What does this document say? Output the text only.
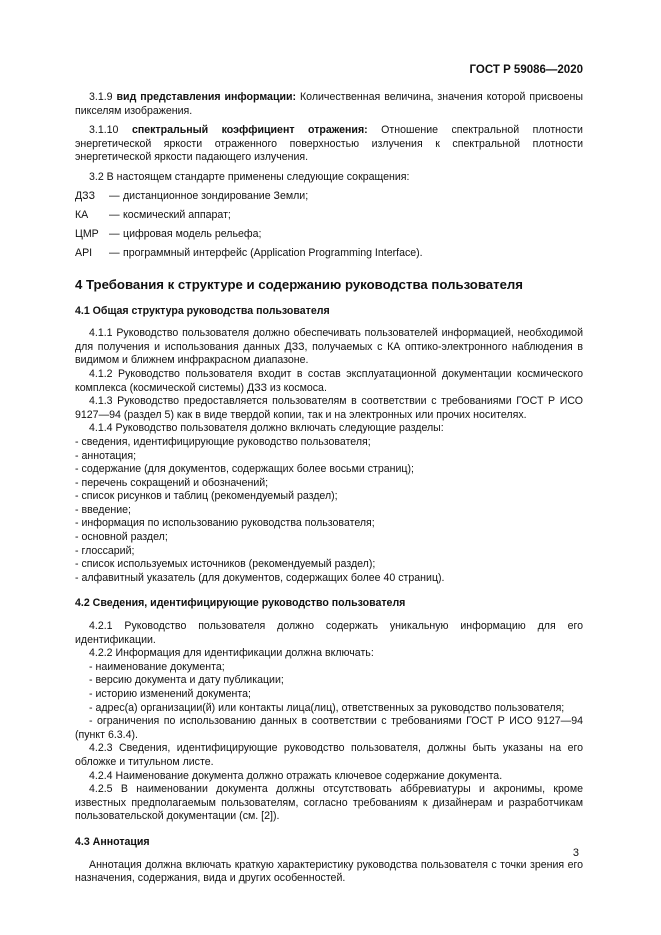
ГОСТ Р 59086—2020

3.1.9 вид представления информации: Количественная величина, значения которой присвоены пикселям изображения.

3.1.10 спектральный коэффициент отражения: Отношение спектральной плотности энергетической яркости отраженного поверхностью излучения к спектральной плотности энергетической яркости падающего излучения.

3.2 В настоящем стандарте применены следующие сокращения:

ДЗЗ	— дистанционное зондирование Земли;
КА	— космический аппарат;
ЦМР — цифровая модель рельефа;
API	— программный интерфейс (Application Programming Interface).

4 Требования к структуре и содержанию руководства пользователя

4.1 Общая структура руководства пользователя

4.1.1 Руководство пользователя должно обеспечивать пользователей информацией, необходимой для получения и использования данных ДЗЗ, получаемых с КА оптико-электронного наблюдения в видимом и ближнем инфракрасном диапазоне.

4.1.2 Руководство пользователя входит в состав эксплуатационной документации космического комплекса (космической системы) ДЗЗ из космоса.

4.1.3 Руководство предоставляется пользователям в соответствии с требованиями ГОСТ Р ИСО 9127—94 (раздел 5) как в виде твердой копии, так и на электронных или прочих носителях.

4.1.4 Руководство пользователя должно включать следующие разделы:

- сведения, идентифицирующие руководство пользователя;

- аннотация;

- содержание (для документов, содержащих более восьми страниц);

- перечень сокращений и обозначений;

- список рисунков и таблиц (рекомендуемый раздел);

- введение;

- информация по использованию руководства пользователя;

- основной раздел;

- глоссарий;

- список используемых источников (рекомендуемый раздел);

- алфавитный указатель (для документов, содержащих более 40 страниц).

4.2 Сведения, идентифицирующие руководство пользователя

4.2.1 Руководство пользователя должно содержать уникальную информацию для его идентификации.

4.2.2 Информация для идентификации должна включать:

- наименование документа;

- версию документа и дату публикации;

- историю изменений документа;

- адрес(а) организации(й) или контакты лица(лиц), ответственных за руководство пользователя;

- ограничения по использованию данных в соответствии с требованиями ГОСТ Р ИСО 9127—94 (пункт 6.3.4).

4.2.3 Сведения, идентифицирующие руководство пользователя, должны быть указаны на его обложке и титульном листе.

4.2.4 Наименование документа должно отражать ключевое содержание документа.

4.2.5 В наименовании документа должны отсутствовать аббревиатуры и акронимы, кроме известных предполагаемым пользователям, согласно требованиям к дизайнерам и разработчикам пользовательской документации (см. [2]).

4.3 Аннотация

Аннотация должна включать краткую характеристику руководства пользователя с точки зрения его назначения, содержания, вида и других особенностей.

3
